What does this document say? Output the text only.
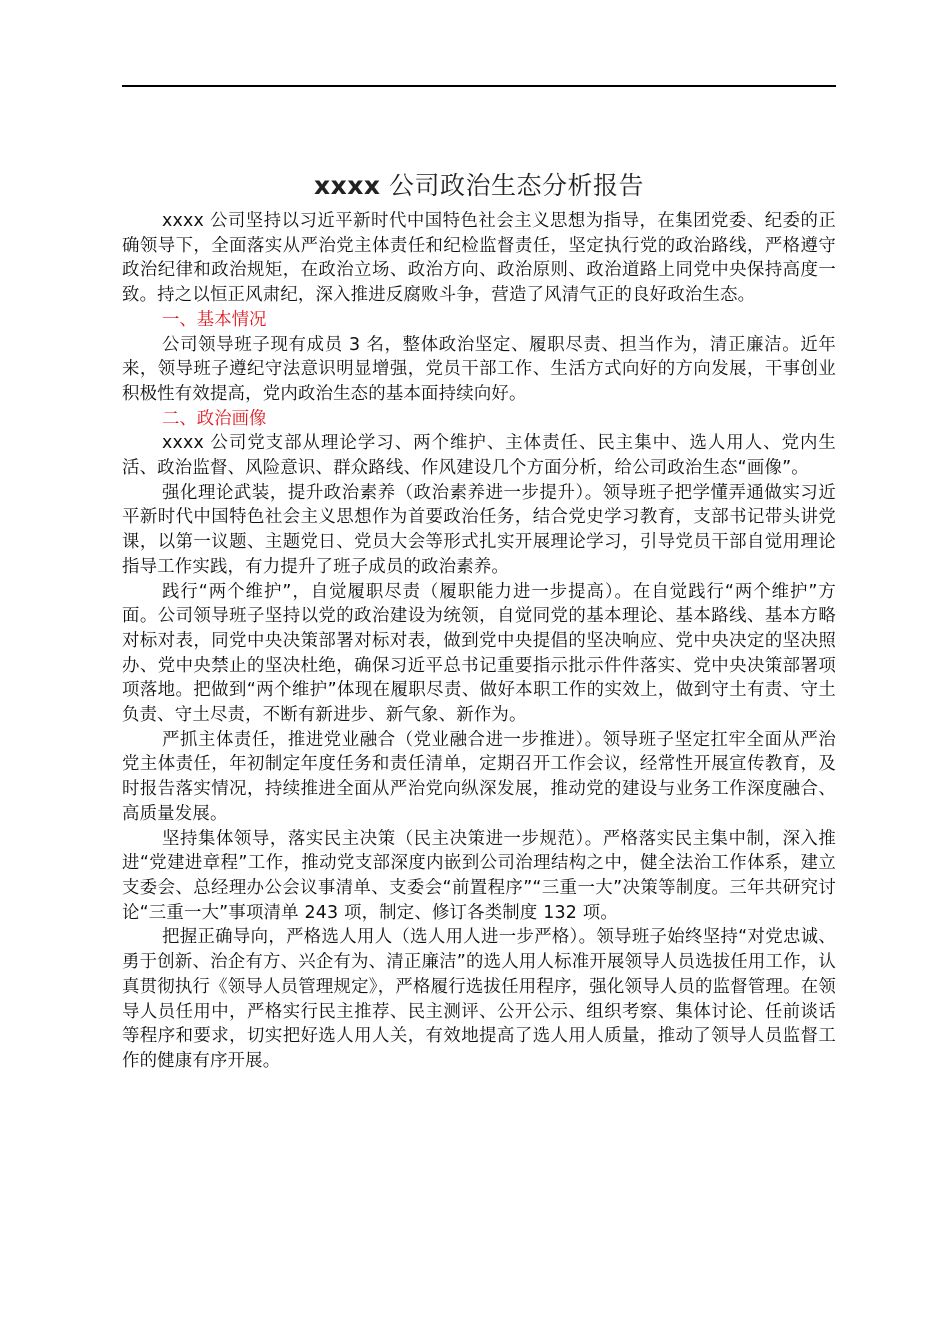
xxxx 公司政治生态分析报告

xxxx 公司坚持以习近平新时代中国特色社会主义思想为指导，在集团党委、纪委的正确领导下，全面落实从严治党主体责任和纪检监督责任，坚定执行党的政治路线，严格遵守政治纪律和政治规矩，在政治立场、政治方向、政治原则、政治道路上同党中央保持高度一致。持之以恒正风肃纪，深入推进反腐败斗争，营造了风清气正的良好政治生态。

一、基本情况

公司领导班子现有成员 3 名，整体政治坚定、履职尽责、担当作为，清正廉洁。近年来，领导班子遵纪守法意识明显增强，党员干部工作、生活方式向好的方向发展，干事创业积极性有效提高，党内政治生态的基本面持续向好。

二、政治画像

xxxx 公司党支部从理论学习、两个维护、主体责任、民主集中、选人用人、党内生活、政治监督、风险意识、群众路线、作风建设几个方面分析，给公司政治生态“画像”。

强化理论武装，提升政治素养（政治素养进一步提升）。领导班子把学懂弄通做实习近平新时代中国特色社会主义思想作为首要政治任务，结合党史学习教育，支部书记带头讲党课，以第一议题、主题党日、党员大会等形式扎实开展理论学习，引导党员干部自觉用理论指导工作实践，有力提升了班子成员的政治素养。

践行“两个维护”，自觉履职尽责（履职能力进一步提高）。在自觉践行“两个维护”方面。公司领导班子坚持以党的政治建设为统领，自觉同党的基本理论、基本路线、基本方略对标对表，同党中央决策部署对标对表，做到党中央提倡的坚决响应、党中央决定的坚决照办、党中央禁止的坚决杜绝，确保习近平总书记重要指示批示件件落实、党中央决策部署项项落地。把做到“两个维护”体现在履职尽责、做好本职工作的实效上，做到守土有责、守土负责、守土尽责，不断有新进步、新气象、新作为。

严抓主体责任，推进党业融合（党业融合进一步推进）。领导班子坚定扛牢全面从严治党主体责任，年初制定年度任务和责任清单，定期召开工作会议，经常性开展宣传教育，及时报告落实情况，持续推进全面从严治党向纵深发展，推动党的建设与业务工作深度融合、高质量发展。

坚持集体领导，落实民主决策（民主决策进一步规范）。严格落实民主集中制，深入推进“党建进章程”工作，推动党支部深度内嵌到公司治理结构之中，健全法治工作体系，建立支委会、总经理办公会议事清单、支委会“前置程序”“三重一大”决策等制度。三年共研究讨论“三重一大”事项清单 243 项，制定、修订各类制度 132 项。

把握正确导向，严格选人用人（选人用人进一步严格）。领导班子始终坚持“对党忠诚、勇于创新、治企有方、兴企有为、清正廉洁”的选人用人标准开展领导人员选拔任用工作，认真贯彻执行《领导人员管理规定》，严格履行选拔任用程序，强化领导人员的监督管理。在领导人员任用中，严格实行民主推荐、民主测评、公开公示、组织考察、集体讨论、任前谈话等程序和要求，切实把好选人用人关，有效地提高了选人用人质量，推动了领导人员监督工作的健康有序开展。
